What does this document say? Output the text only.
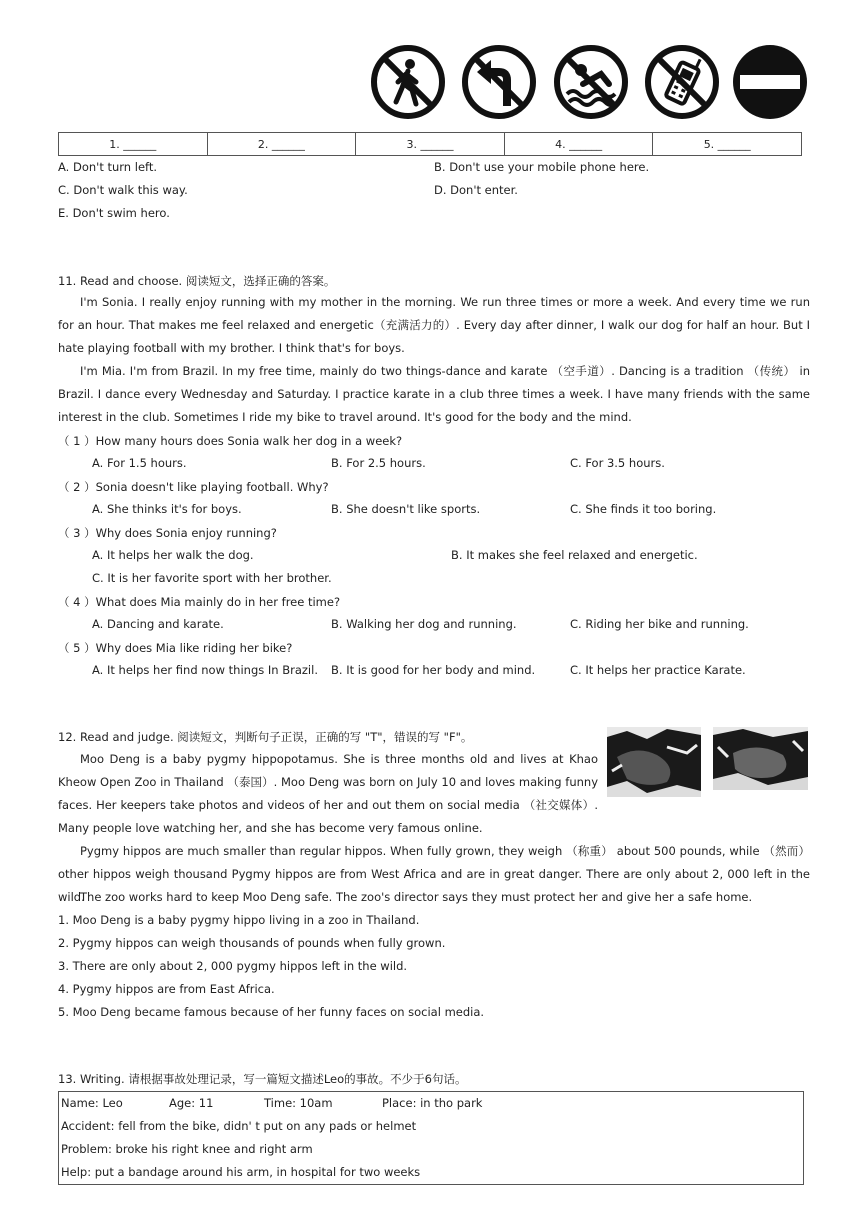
1. ______	2. ______	3. ______	4. ______	5. ______
A. Don't turn left.	B. Don't use your mobile phone here.
C. Don't walk this way.	D. Don't enter.
E. Don't swim hero.
11. Read and choose. 阅读短文，选择正确的答案。
I'm Sonia. I really enjoy running with my mother in the morning. We run three times or more a week. And every time we run for an hour. That makes me feel relaxed and energetic（充满活力的）. Every day after dinner, I walk our dog for half an hour. But I hate playing football with my brother. I think that's for boys.
I'm Mia. I'm from Brazil. In my free time, mainly do two things-dance and karate （空手道）. Dancing is a tradition （传统） in Brazil. I dance every Wednesday and Saturday. I practice karate in a club three times a week. I have many friends with the same interest in the club. Sometimes I ride my bike to travel around. It's good for the body and the mind.
（ 1 ）How many hours does Sonia walk her dog in a week?
A. For 1.5 hours.	B. For 2.5 hours.	C. For 3.5 hours.
（ 2 ）Sonia doesn't like playing football. Why?
A. She thinks it's for boys.	B. She doesn't like sports.	C. She finds it too boring.
（ 3 ）Why does Sonia enjoy running?
A. It helps her walk the dog.	B. It makes she feel relaxed and energetic.
C. It is her favorite sport with her brother.
（ 4 ）What does Mia mainly do in her free time?
A. Dancing and karate.	B. Walking her dog and running.	C. Riding her bike and running.
（ 5 ）Why does Mia like riding her bike?
A. It helps her find now things In Brazil. B. It is good for her body and mind.	C. It helps her practice Karate.
12. Read and judge. 阅读短文，判断句子正误，正确的写 "T"，错误的写 "F"。
Moo Deng is a baby pygmy hippopotamus. She is three months old and lives at Khao Kheow Open Zoo in Thailand （泰国）. Moo Deng was born on July 10 and loves making funny faces. Her keepers take photos and videos of her and out them on social media （社交媒体）. Many people love watching her, and she has become very famous online.
Pygmy hippos are much smaller than regular hippos. When fully grown, they weigh （称重） about 500 pounds, while （然而） other hippos weigh thousand Pygmy hippos are from West Africa and are in great danger. There are only about 2, 000 left in the wild.
The zoo works hard to keep Moo Deng safe. The zoo's director says they must protect her and give her a safe home.
1. Moo Deng is a baby pygmy hippo living in a zoo in Thailand.
2. Pygmy hippos can weigh thousands of pounds when fully grown.
3. There are only about 2, 000 pygmy hippos left in the wild.
4. Pygmy hippos are from East Africa.
5. Moo Deng became famous because of her funny faces on social media.
13. Writing. 请根据事故处理记录，写一篇短文描述Leo的事故。不少于6句话。
Name: Leo	Age: 11	Time: 10am	Place: in tho park
Accident: fell from the bike, didn' t put on any pads or helmet
Problem: broke his right knee and right arm
Help: put a bandage around his arm, in hospital for two weeks
